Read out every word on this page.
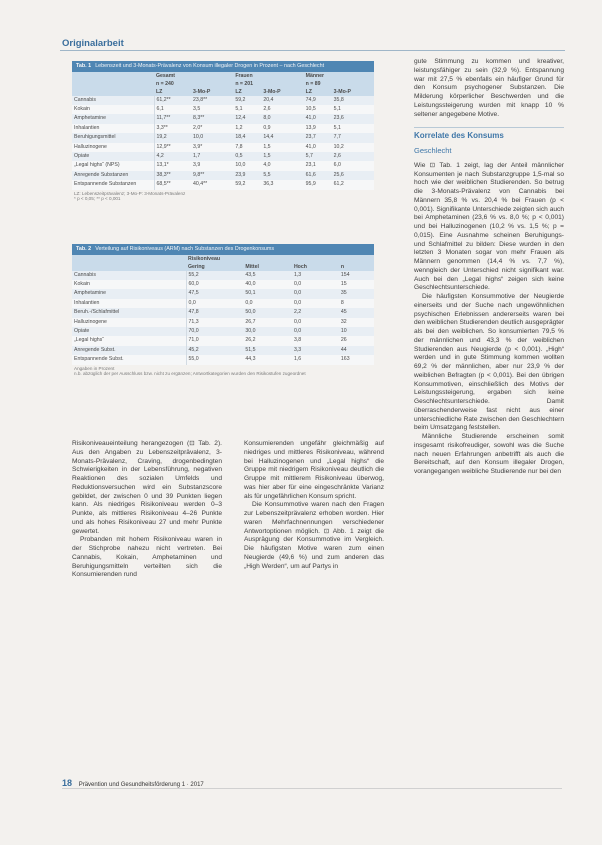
Originalarbeit
Tab. 1 Lebenszeit und 3-Monats-Prävalenz von Konsum illegaler Drogen in Prozent – nach Geschlecht
	Gesamt
n = 240		Frauen
n = 201		Männer
n = 89	
	LZ	3-Mo-P	LZ	3-Mo-P	LZ	3-Mo-P
Cannabis	61,2**	23,8**	59,2	20,4	74,9	35,8
Kokain	6,1	3,5	5,1	2,6	10,5	5,1
Amphetamine	11,7**	8,3**	12,4	8,0	41,0	23,6
Inhalantien	3,3**	2,0*	1,2	0,9	13,9	5,1
Beruhigungsmittel	19,2	10,0	18,4	14,4	23,7	7,7
Halluzinogene	12,9**	3,9*	7,8	1,5	41,0	10,2
Opiate	4,2	1,7	0,5	1,5	5,7	2,6
„Legal highs“ (NPS)	13,1*	3,9	10,0	4,0	23,1	6,0
Anregende Substanzen	38,3**	9,8**	23,9	5,5	61,6	25,6
Entspannende Substanzen	68,5**	40,4**	59,2	36,3	95,9	61,2
LZ: Lebenszeitprävalenz; 3-Mo-P: 3-Monats-Prävalenz
* p < 0,05; ** p < 0,001
Tab. 2 Verteilung auf Risikoniveaus (ARM) nach Substanzen des Drogenkonsums
	Risikoniveau			
	Gering	Mittel	Hoch	n
Cannabis	55,2	43,5	1,3	154
Kokain	60,0	40,0	0,0	15
Amphetamine	47,5	50,1	0,0	35
Inhalantien	0,0	0,0	0,0	8
Beruh.-/Schlafmittel	47,8	50,0	2,2	45
Halluzinogene	71,3	26,7	0,0	32
Opiate	70,0	30,0	0,0	10
„Legal highs“	71,0	26,2	3,8	26
Anregende Subst.	45,2	51,5	3,3	44
Entspannende Subst.	55,0	44,3	1,6	163
Angaben in Prozent
n.b. abzüglich der per Ausschluss bzw. nicht zu ergänzen; Antwortkategorien wurden den Risikostufen zugeordnet

Risikoniveaueinteilung herangezogen (⊡ Tab. 2). Aus den Angaben zu Lebenszeitprävalenz, 3-Monats-Prävalenz, Craving, drogenbedingten Schwierigkeiten in der Lebensführung, negativen Reaktionen des sozialen Umfelds und Reduktionsversuchen wird ein Substanzscore gebildet, der zwischen 0 und 39 Punkten liegen kann. Als niedriges Risikoniveau werden 0–3 Punkte, als mittleres Risikoniveau 4–26 Punkte und als hohes Risikoniveau 27 und mehr Punkte gewertet.

Probanden mit hohem Risikoniveau waren in der Stichprobe nahezu nicht vertreten. Bei Cannabis, Kokain, Amphetaminen und Beruhigungsmitteln verteilten sich die Konsumierenden rund

Konsumierenden ungefähr gleichmäßig auf niedriges und mittleres Risikoniveau, während bei Halluzinogenen und „Legal highs“ die Gruppe mit niedrigem Risikoniveau deutlich die Gruppe mit mittlerem Risikoniveau überwog, was hier aber für eine eingeschränkte Varianz als für ungefährlichen Konsum spricht.

Die Konsummotive waren nach den Fragen zur Lebenszeitprävalenz erhoben worden. Hier waren Mehrfachnennungen verschiedener Antwortoptionen möglich. ⊡ Abb. 1 zeigt die Ausprägung der Konsummotive im Vergleich. Die häufigsten Motive waren zum einen Neugierde (49,6 %) und zum anderen das „High Werden“, um auf Partys in

gute Stimmung zu kommen und kreativer, leistungsfähiger zu sein (32,9 %). Entspannung war mit 27,5 % ebenfalls ein häufiger Grund für den Konsum psychogener Substanzen. Die Milderung körperlicher Beschwerden und die Leistungssteigerung wurden mit knapp 10 % seltener angegebene Motive.

Korrelate des Konsums
Geschlecht

Wie ⊡ Tab. 1 zeigt, lag der Anteil männlicher Konsumenten je nach Substanzgruppe 1,5-mal so hoch wie der weiblichen Studierenden. So betrug die 3-Monats-Prävalenz von Cannabis bei Männern 35,8 % vs. 20,4 % bei Frauen (p < 0,001). Signifikante Unterschiede zeigten sich auch bei Amphetaminen (23,6 % vs. 8,0 %; p < 0,001) und bei Halluzinogenen (10,2 % vs. 1,5 %; p = 0,015). Eine Ausnahme scheinen Beruhigungs- und Schlafmittel zu bilden: Diese wurden in den letzten 3 Monaten sogar von mehr Frauen als Männern genommen (14,4 % vs. 7,7 %), wenngleich der Unterschied nicht signifikant war. Auch bei den „Legal highs“ zeigen sich keine Geschlechtsunterschiede.

Die häufigsten Konsummotive der Neugierde einerseits und der Suche nach ungewöhnlichen psychischen Erlebnissen andererseits waren bei den weiblichen Studierenden deutlich ausgeprägter als bei den weiblichen. So konsumierten 79,5 % der männlichen und 43,3 % der weiblichen Studierenden aus Neugierde (p < 0,001). „High“ werden und in gute Stimmung kommen wollten 69,2 % der männlichen, aber nur 23,9 % der weiblichen Befragten (p < 0,001). Bei den übrigen Konsummotiven, einschließlich des Motivs der Leistungssteigerung, ergaben sich keine Geschlechtsunterschiede. Damit überraschenderweise fast nicht aus einer unterschiedliche Rate zwischen den Geschlechtern beim Umsatzgang feststellen.

Männliche Studierende erscheinen somit insgesamt risikofreudiger, sowohl was die Suche nach neuen Erfahrungen anbetrifft als auch die Bereitschaft, auf den Konsum illegaler Drogen, vorangegangen weibliche Studierende nur bei den

18 Prävention und Gesundheitsförderung 1 · 2017
